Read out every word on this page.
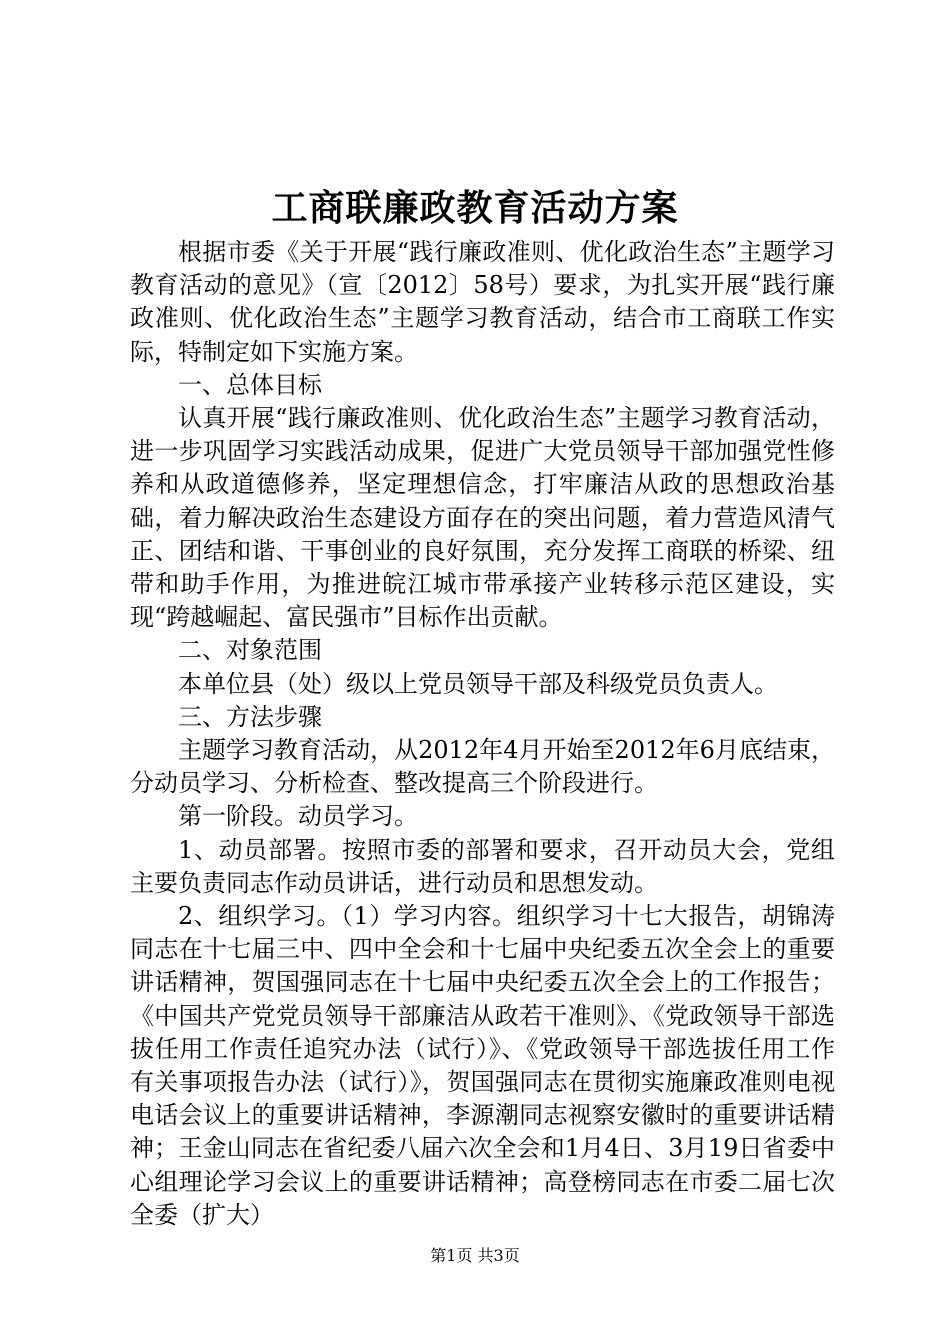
工商联廉政教育活动方案

根据市委《关于开展“践行廉政准则、优化政治生态”主题学习教育活动的意见》（宣〔2012〕58号）要求，为扎实开展“践行廉政准则、优化政治生态”主题学习教育活动，结合市工商联工作实际，特制定如下实施方案。

一、总体目标

认真开展“践行廉政准则、优化政治生态”主题学习教育活动，进一步巩固学习实践活动成果，促进广大党员领导干部加强党性修养和从政道德修养，坚定理想信念，打牢廉洁从政的思想政治基础，着力解决政治生态建设方面存在的突出问题，着力营造风清气正、团结和谐、干事创业的良好氛围，充分发挥工商联的桥梁、纽带和助手作用，为推进皖江城市带承接产业转移示范区建设，实现“跨越崛起、富民强市”目标作出贡献。

二、对象范围

本单位县（处）级以上党员领导干部及科级党员负责人。

三、方法步骤

主题学习教育活动，从2012年4月开始至2012年6月底结束，分动员学习、分析检查、整改提高三个阶段进行。

第一阶段。动员学习。

1、动员部署。按照市委的部署和要求，召开动员大会，党组主要负责同志作动员讲话，进行动员和思想发动。

2、组织学习。（1）学习内容。组织学习十七大报告，胡锦涛同志在十七届三中、四中全会和十七届中央纪委五次全会上的重要讲话精神，贺国强同志在十七届中央纪委五次全会上的工作报告；《中国共产党党员领导干部廉洁从政若干准则》、《党政领导干部选拔任用工作责任追究办法（试行）》、《党政领导干部选拔任用工作有关事项报告办法（试行）》，贺国强同志在贯彻实施廉政准则电视电话会议上的重要讲话精神，李源潮同志视察安徽时的重要讲话精神；王金山同志在省纪委八届六次全会和1月4日、3月19日省委中心组理论学习会议上的重要讲话精神；高登榜同志在市委二届七次全委（扩大）

第1页 共3页
